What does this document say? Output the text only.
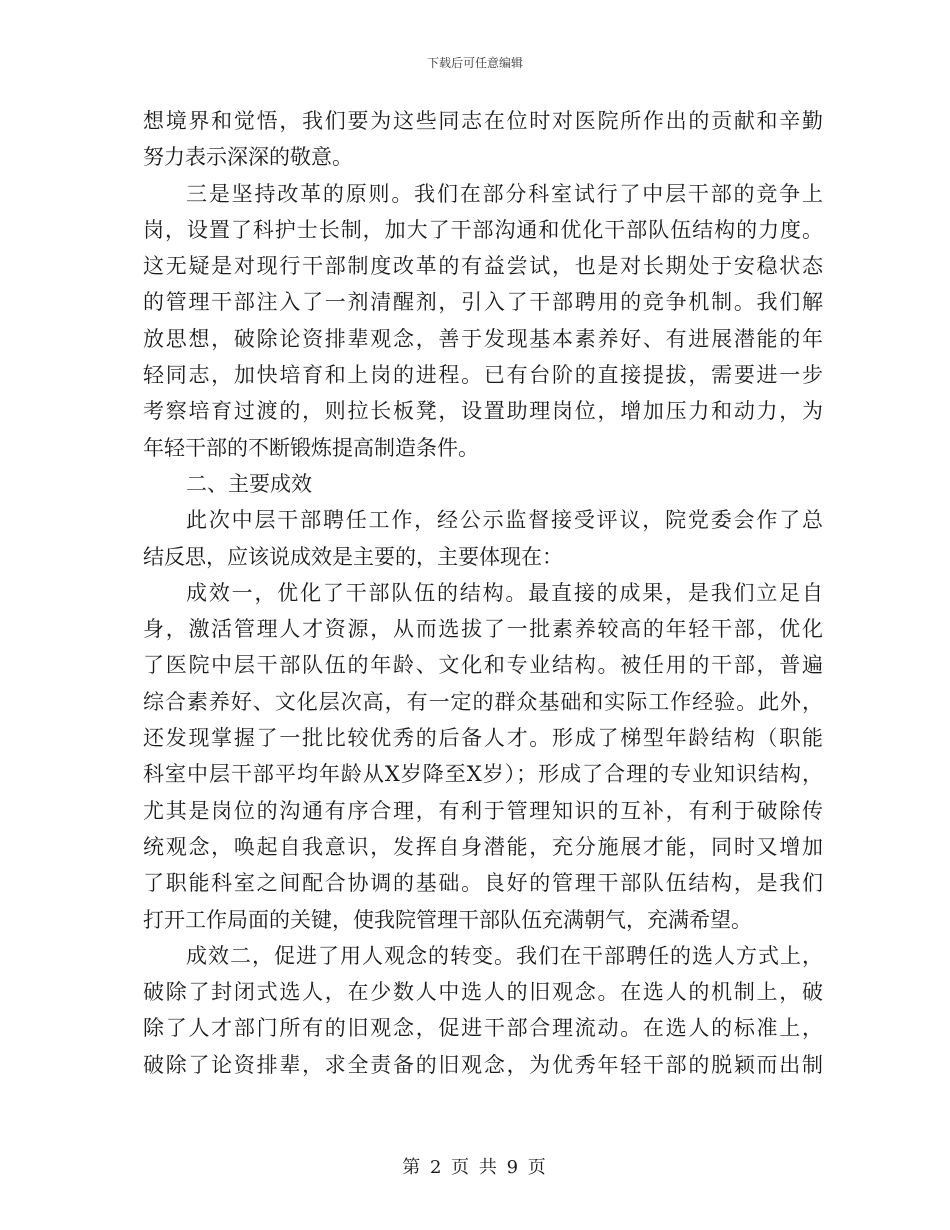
下载后可任意编辑
想境界和觉悟，我们要为这些同志在位时对医院所作出的贡献和辛勤
努力表示深深的敬意。
三是坚持改革的原则。我们在部分科室试行了中层干部的竞争上
岗，设置了科护士长制，加大了干部沟通和优化干部队伍结构的力度。
这无疑是对现行干部制度改革的有益尝试，也是对长期处于安稳状态
的管理干部注入了一剂清醒剂，引入了干部聘用的竞争机制。我们解
放思想，破除论资排辈观念，善于发现基本素养好、有进展潜能的年
轻同志，加快培育和上岗的进程。已有台阶的直接提拔，需要进一步
考察培育过渡的，则拉长板凳，设置助理岗位，增加压力和动力，为
年轻干部的不断锻炼提高制造条件。
二、主要成效
此次中层干部聘任工作，经公示监督接受评议，院党委会作了总
结反思，应该说成效是主要的，主要体现在：
成效一，优化了干部队伍的结构。最直接的成果，是我们立足自
身，激活管理人才资源，从而选拔了一批素养较高的年轻干部，优化
了医院中层干部队伍的年龄、文化和专业结构。被任用的干部，普遍
综合素养好、文化层次高，有一定的群众基础和实际工作经验。此外，
还发现掌握了一批比较优秀的后备人才。形成了梯型年龄结构（职能
科室中层干部平均年龄从X岁降至X岁）；形成了合理的专业知识结构，
尤其是岗位的沟通有序合理，有利于管理知识的互补，有利于破除传
统观念，唤起自我意识，发挥自身潜能，充分施展才能，同时又增加
了职能科室之间配合协调的基础。良好的管理干部队伍结构，是我们
打开工作局面的关键，使我院管理干部队伍充满朝气，充满希望。
成效二，促进了用人观念的转变。我们在干部聘任的选人方式上，
破除了封闭式选人，在少数人中选人的旧观念。在选人的机制上，破
除了人才部门所有的旧观念，促进干部合理流动。在选人的标准上，
破除了论资排辈，求全责备的旧观念，为优秀年轻干部的脱颖而出制
第 2 页 共 9 页
